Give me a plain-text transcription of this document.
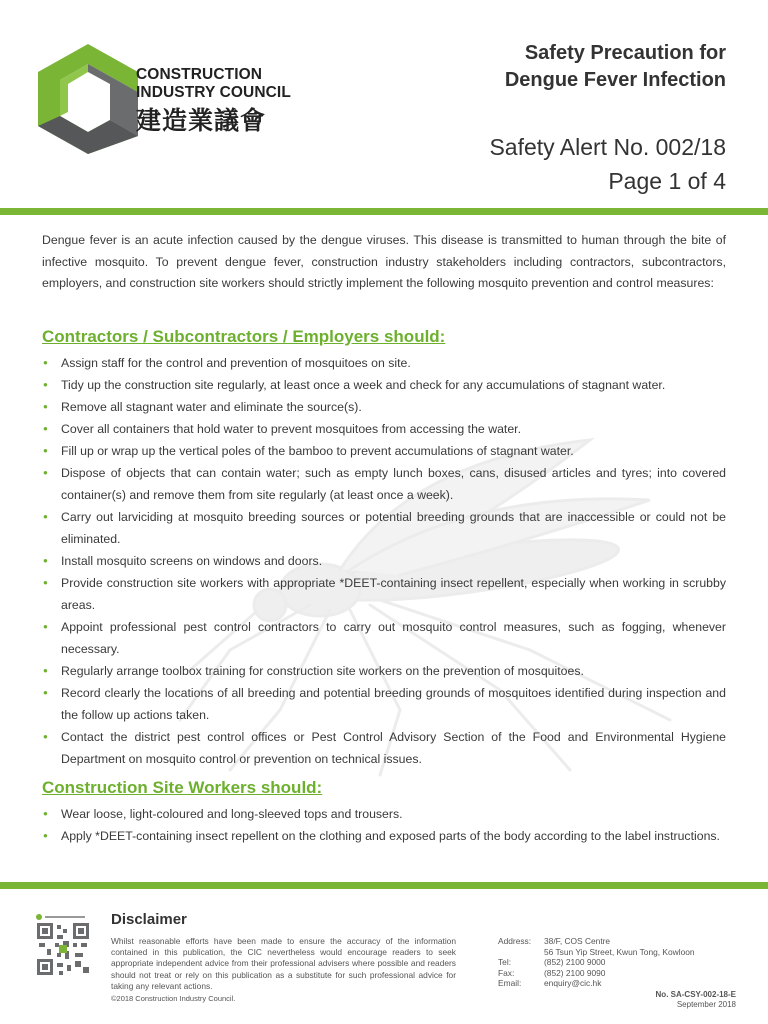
CONSTRUCTION
INDUSTRY COUNCIL
建造業議會
Safety Precaution for
Dengue Fever Infection
Safety Alert No. 002/18
Page 1 of 4
Dengue fever is an acute infection caused by the dengue viruses. This disease is transmitted to human through the bite of infective mosquito. To prevent dengue fever, construction industry stakeholders including contractors, subcontractors, employers, and construction site workers should strictly implement the following mosquito prevention and control measures:
Contractors / Subcontractors / Employers should:
● Assign staff for the control and prevention of mosquitoes on site.
● Tidy up the construction site regularly, at least once a week and check for any accumulations of stagnant water.
● Remove all stagnant water and eliminate the source(s).
● Cover all containers that hold water to prevent mosquitoes from accessing the water.
● Fill up or wrap up the vertical poles of the bamboo to prevent accumulations of stagnant water.
● Dispose of objects that can contain water; such as empty lunch boxes, cans, disused articles and tyres; into covered container(s) and remove them from site regularly (at least once a week).
● Carry out larviciding at mosquito breeding sources or potential breeding grounds that are inaccessible or could not be eliminated.
● Install mosquito screens on windows and doors.
● Provide construction site workers with appropriate *DEET-containing insect repellent, especially when working in scrubby areas.
● Appoint professional pest control contractors to carry out mosquito control measures, such as fogging, whenever necessary.
● Regularly arrange toolbox training for construction site workers on the prevention of mosquitoes.
● Record clearly the locations of all breeding and potential breeding grounds of mosquitoes identified during inspection and the follow up actions taken.
● Contact the district pest control offices or Pest Control Advisory Section of the Food and Environmental Hygiene Department on mosquito control or prevention on technical issues.
Construction Site Workers should:
● Wear loose, light-coloured and long-sleeved tops and trousers.
● Apply *DEET-containing insect repellent on the clothing and exposed parts of the body according to the label instructions.
Disclaimer
Whilst reasonable efforts have been made to ensure the accuracy of the information contained in this publication, the CIC nevertheless would encourage readers to seek appropriate independent advice from their professional advisers where possible and readers should not treat or rely on this publication as a substitute for such professional advice for taking any relevant actions.
©2018 Construction Industry Council.
Address:	38/F, COS Centre
56 Tsun Yip Street, Kwun Tong, Kowloon
Tel:	(852) 2100 9000
Fax:	(852) 2100 9090
Email:	enquiry@cic.hk
No. SA-CSY-002-18-E
September 2018
